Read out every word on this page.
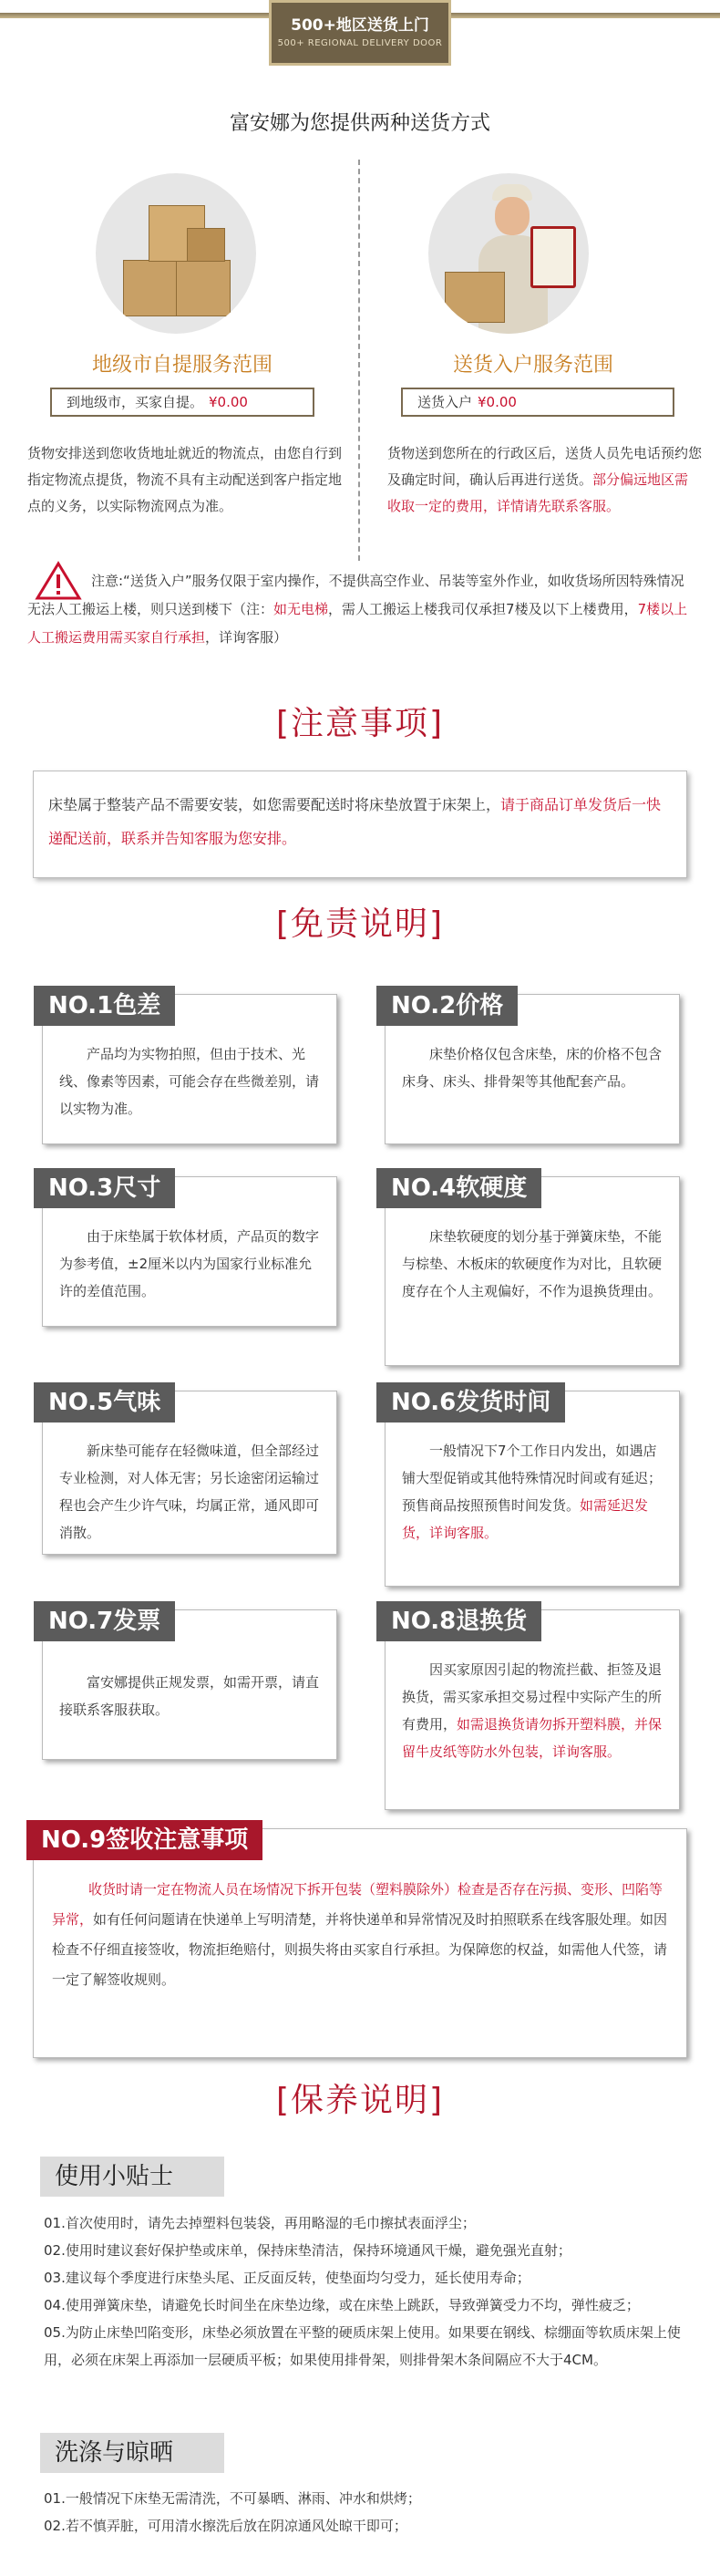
500+地区送货上门
500+ REGIONAL DELIVERY DOOR
富安娜为您提供两种送货方式
地级市自提服务范围	送货入户服务范围
到地级市，买家自提。 ¥0.00	送货入户 ¥0.00
货物安排送到您收货地址就近的物流点，由您自行到指定物流点提货，物流不具有主动配送到客户指定地点的义务，以实际物流网点为准。
货物送到您所在的行政区后，送货人员先电话预约您及确定时间，确认后再进行送货。部分偏远地区需收取一定的费用，详情请先联系客服。
注意:“送货入户”服务仅限于室内操作，不提供高空作业、吊装等室外作业，如收货场所因特殊情况无法人工搬运上楼，则只送到楼下（注：如无电梯，需人工搬运上楼我司仅承担7楼及以下上楼费用，7楼以上人工搬运费用需买家自行承担，详询客服）
[注意事项]
床垫属于整装产品不需要安装，如您需要配送时将床垫放置于床架上，请于商品订单发货后一快递配送前，联系并告知客服为您安排。
[免责说明]
NO.1色差
产品均为实物拍照，但由于技术、光线、像素等因素，可能会存在些微差别，请以实物为准。
NO.2价格
床垫价格仅包含床垫，床的价格不包含床身、床头、排骨架等其他配套产品。
NO.3尺寸
由于床垫属于软体材质，产品页的数字为参考值，±2厘米以内为国家行业标准允许的差值范围。
NO.4软硬度
床垫软硬度的划分基于弹簧床垫，不能与棕垫、木板床的软硬度作为对比，且软硬度存在个人主观偏好，不作为退换货理由。
NO.5气味
新床垫可能存在轻微味道，但全部经过专业检测，对人体无害；另长途密闭运输过程也会产生少许气味，均属正常，通风即可消散。
NO.6发货时间
一般情况下7个工作日内发出，如遇店铺大型促销或其他特殊情况时间或有延迟；预售商品按照预售时间发货。如需延迟发货，详询客服。
NO.7发票
富安娜提供正规发票，如需开票，请直接联系客服获取。
NO.8退换货
因买家原因引起的物流拦截、拒签及退换货，需买家承担交易过程中实际产生的所有费用，如需退换货请勿拆开塑料膜，并保留牛皮纸等防水外包装，详询客服。
NO.9签收注意事项
收货时请一定在物流人员在场情况下拆开包装（塑料膜除外）检查是否存在污损、变形、凹陷等异常，如有任何问题请在快递单上写明清楚，并将快递单和异常情况及时拍照联系在线客服处理。如因检查不仔细直接签收，物流拒绝赔付，则损失将由买家自行承担。为保障您的权益，如需他人代签，请一定了解签收规则。
[保养说明]
使用小贴士

01.首次使用时，请先去掉塑料包装袋，再用略湿的毛巾擦拭表面浮尘；

02.使用时建议套好保护垫或床单，保持床垫清洁，保持环境通风干燥，避免强光直射；

03.建议每个季度进行床垫头尾、正反面反转，使垫面均匀受力，延长使用寿命；

04.使用弹簧床垫，请避免长时间坐在床垫边缘，或在床垫上跳跃，导致弹簧受力不均，弹性疲乏；

05.为防止床垫凹陷变形，床垫必须放置在平整的硬质床架上使用。如果要在钢线、棕绷面等软质床架上使用，必须在床架上再添加一层硬质平板；如果使用排骨架，则排骨架木条间隔应不大于4CM。

洗涤与晾晒

01.一般情况下床垫无需清洗，不可暴晒、淋雨、冲水和烘烤；

02.若不慎弄脏，可用清水擦洗后放在阴凉通风处晾干即可；
